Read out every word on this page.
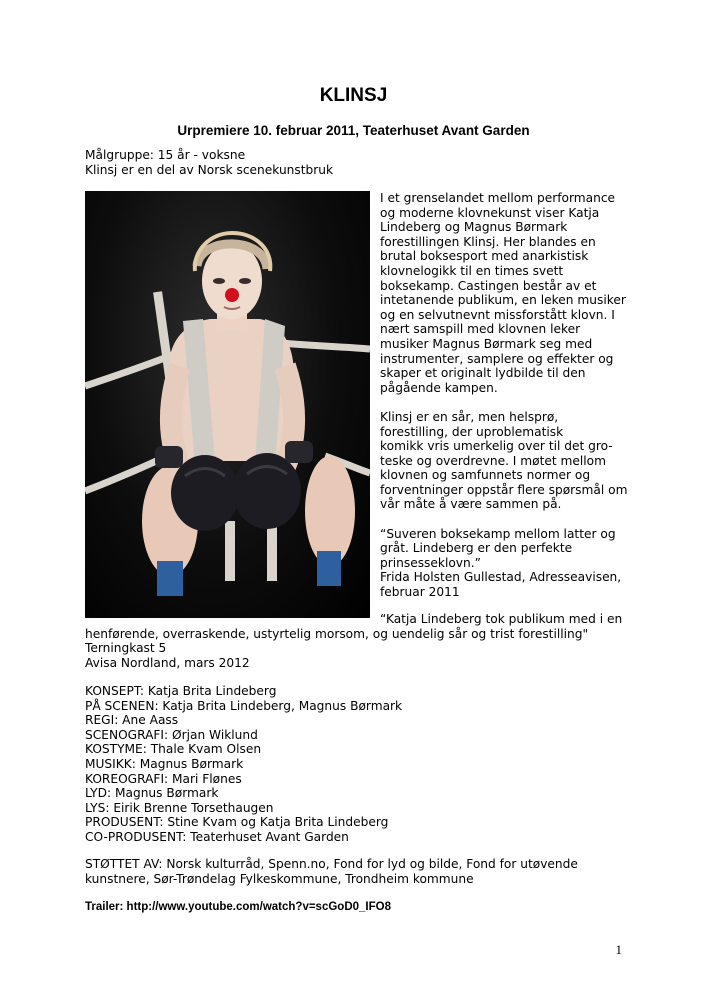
KLINSJ
Urpremiere 10. februar 2011, Teaterhuset Avant Garden
Målgruppe: 15 år - voksne
Klinsj er en del av Norsk scenekunstbruk

I et grenselandet mellom performance
og moderne klovnekunst viser Katja
Lindeberg og Magnus Børmark
forestillingen Klinsj. Her blandes en
brutal boksesport med anarkistisk
klovnelogikk til en times svett
boksekamp. Castingen består av et
intetanende publikum, en leken musiker
og en selvutnevnt missforstått klovn. I
nært samspill med klovnen leker
musiker Magnus Børmark seg med
instrumenter, samplere og effekter og
skaper et originalt lydbilde til den
pågående kampen.

Klinsj er en sår, men helsprø,
forestilling, der uproblematisk
komikk vris umerkelig over til det gro-
teske og overdrevne. I møtet mellom
klovnen og samfunnets normer og
forventninger oppstår flere spørsmål om
vår måte å være sammen på.

“Suveren boksekamp mellom latter og
gråt. Lindeberg er den perfekte
prinsesseklovn.”
Frida Holsten Gullestad, Adresseavisen,
februar 2011

“Katja Lindeberg tok publikum med i en

henførende, overraskende, ustyrtelig morsom, og uendelig sår og trist forestilling"

Terningkast 5

Avisa Nordland, mars 2012

KONSEPT: Katja Brita Lindeberg
PÅ SCENEN: Katja Brita Lindeberg, Magnus Børmark
REGI: Ane Aass
SCENOGRAFI: Ørjan Wiklund
KOSTYME: Thale Kvam Olsen
MUSIKK: Magnus Børmark
KOREOGRAFI: Mari Flønes
LYD: Magnus Børmark
LYS: Eirik Brenne Torsethaugen
PRODUSENT: Stine Kvam og Katja Brita Lindeberg
CO-PRODUSENT: Teaterhuset Avant Garden
STØTTET AV: Norsk kulturråd, Spenn.no, Fond for lyd og bilde, Fond for utøvende
kunstnere, Sør-Trøndelag Fylkeskommune, Trondheim kommune
Trailer: http://www.youtube.com/watch?v=scGoD0_IFO8
1
